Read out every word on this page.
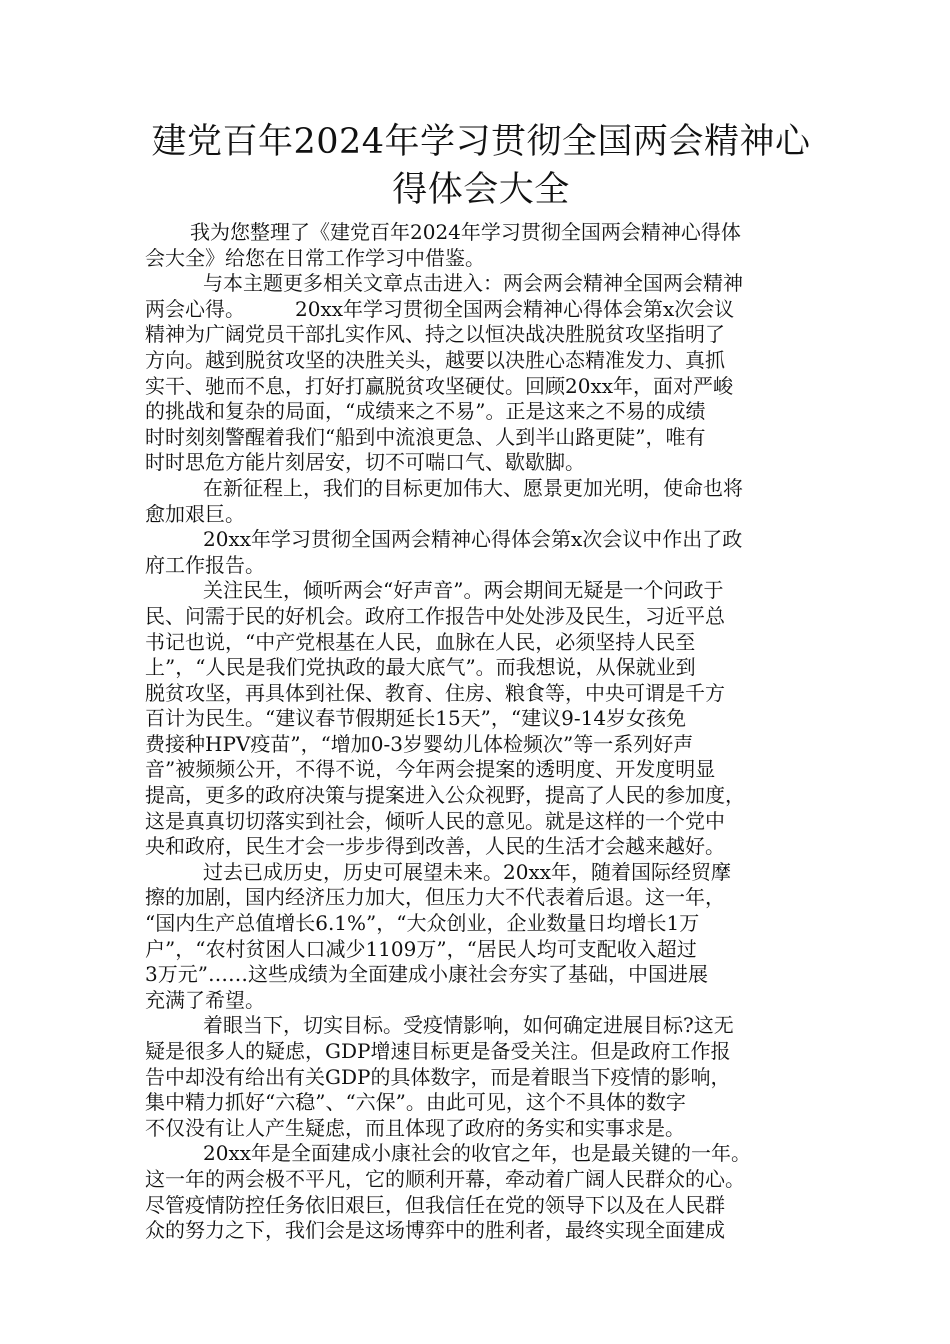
建党百年2024年学习贯彻全国两会精神心
得体会大全

我为您整理了《建党百年2024年学习贯彻全国两会精神心得体
会大全》给您在日常工作学习中借鉴。

与本主题更多相关文章点击进入：两会两会精神全国两会精神
两会心得。　　　20xx年学习贯彻全国两会精神心得体会第x次会议
精神为广阔党员干部扎实作风、持之以恒决战决胜脱贫攻坚指明了
方向。越到脱贫攻坚的决胜关头，越要以决胜心态精准发力、真抓
实干、驰而不息，打好打赢脱贫攻坚硬仗。回顾20xx年，面对严峻
的挑战和复杂的局面，“成绩来之不易”。正是这来之不易的成绩
时时刻刻警醒着我们“船到中流浪更急、人到半山路更陡”，唯有
时时思危方能片刻居安，切不可喘口气、歇歇脚。

在新征程上，我们的目标更加伟大、愿景更加光明，使命也将
愈加艰巨。

20xx年学习贯彻全国两会精神心得体会第x次会议中作出了政
府工作报告。

关注民生，倾听两会“好声音”。两会期间无疑是一个问政于
民、问需于民的好机会。政府工作报告中处处涉及民生，习近平总
书记也说，“中产党根基在人民，血脉在人民，必须坚持人民至
上”，“人民是我们党执政的最大底气”。而我想说，从保就业到
脱贫攻坚，再具体到社保、教育、住房、粮食等，中央可谓是千方
百计为民生。“建议春节假期延长15天”，“建议9-14岁女孩免
费接种HPV疫苗”，“增加0-3岁婴幼儿体检频次”等一系列好声
音”被频频公开，不得不说，今年两会提案的透明度、开发度明显
提高，更多的政府决策与提案进入公众视野，提高了人民的参加度，
这是真真切切落实到社会，倾听人民的意见。就是这样的一个党中
央和政府，民生才会一步步得到改善，人民的生活才会越来越好。

过去已成历史，历史可展望未来。20xx年，随着国际经贸摩
擦的加剧，国内经济压力加大，但压力大不代表着后退。这一年，
“国内生产总值增长6.1%”，“大众创业，企业数量日均增长1万
户”，“农村贫困人口减少1109万”，“居民人均可支配收入超过
3万元”……这些成绩为全面建成小康社会夯实了基础，中国进展
充满了希望。

着眼当下，切实目标。受疫情影响，如何确定进展目标?这无
疑是很多人的疑虑，GDP增速目标更是备受关注。但是政府工作报
告中却没有给出有关GDP的具体数字，而是着眼当下疫情的影响，
集中精力抓好“六稳”、“六保”。由此可见，这个不具体的数字
不仅没有让人产生疑虑，而且体现了政府的务实和实事求是。

20xx年是全面建成小康社会的收官之年，也是最关键的一年。
这一年的两会极不平凡，它的顺利开幕，牵动着广阔人民群众的心。
尽管疫情防控任务依旧艰巨，但我信任在党的领导下以及在人民群
众的努力之下，我们会是这场博弈中的胜利者，最终实现全面建成
